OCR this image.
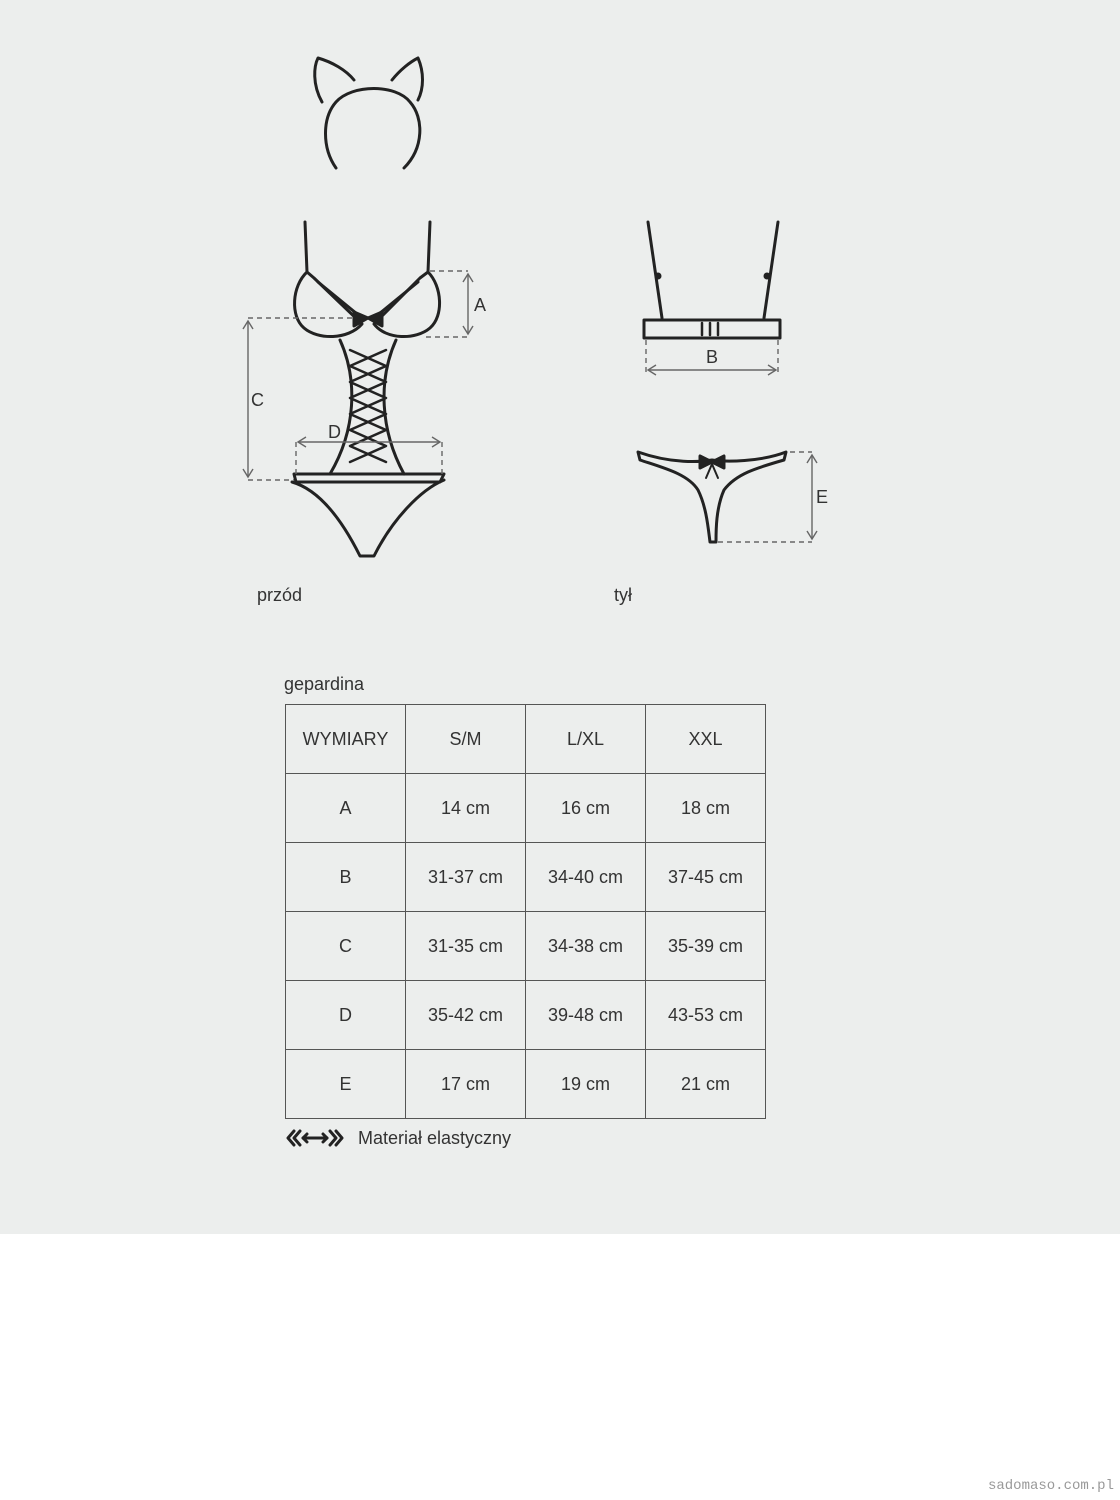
A
B
C
D
E
przód	tył
gepardina
WYMIARY	S/M	L/XL	XXL
A	14 cm	16 cm	18 cm
B	31-37 cm	34-40 cm	37-45 cm
C	31-35 cm	34-38 cm	35-39 cm
D	35-42 cm	39-48 cm	43-53 cm
E	17 cm	19 cm	21 cm
Materiał elastyczny
sadomaso.com.pl
